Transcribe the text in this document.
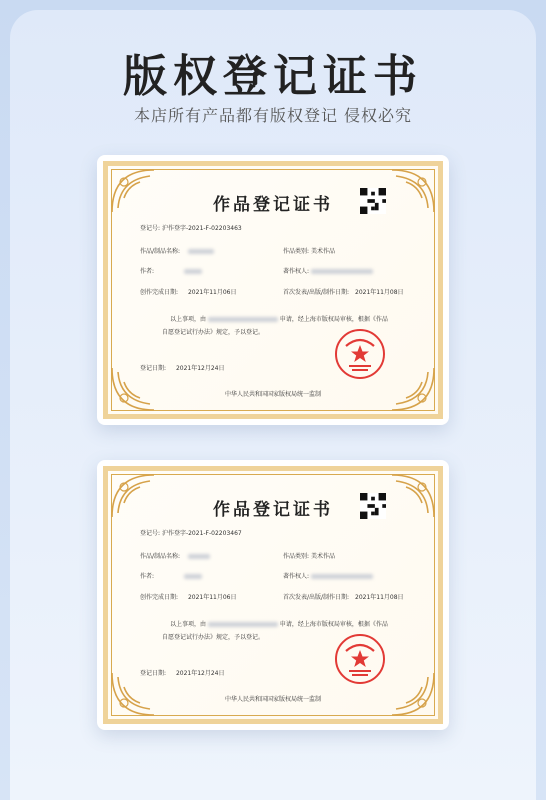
版权登记证书
本店所有产品都有版权登记 侵权必究
作品登记证书
登记号: 沪作登字-2021-F-02203463
作品/制品名称:	作品类别: 美术作品
作者:	著作权人:
创作完成日期: 2021年11月06日	首次发表/出版/制作日期: 2021年11月08日
以上事项，由	申请，经上海市版权局审核，根据《作品自愿登记试行办法》规定，予以登记。
登记日期: 2021年12月24日
中华人民共和国国家版权局统一监制
作品登记证书
登记号: 沪作登字-2021-F-02203467
作品/制品名称:	作品类别: 美术作品
作者:	著作权人:
创作完成日期: 2021年11月06日	首次发表/出版/制作日期: 2021年11月08日
以上事项，由	申请，经上海市版权局审核，根据《作品自愿登记试行办法》规定，予以登记。
登记日期: 2021年12月24日
中华人民共和国国家版权局统一监制
